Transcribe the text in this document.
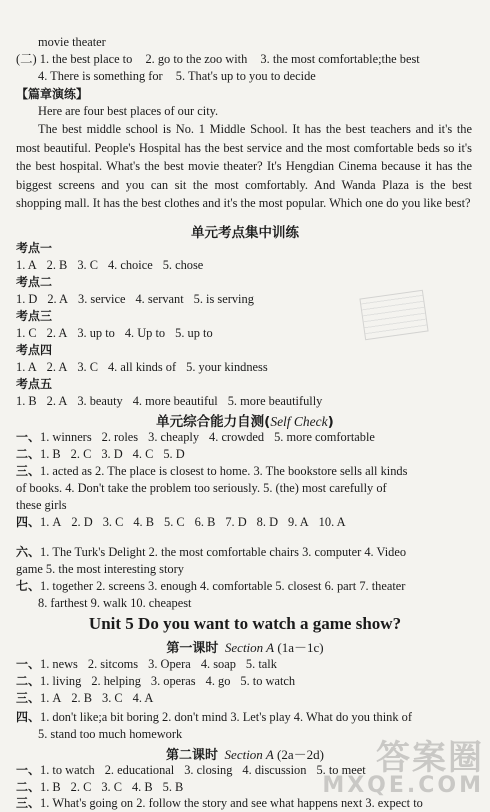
movie theater
(二) 1. the best place to 2. go to the zoo with 3. the most comfortable;the best
4. There is something for 5. That's up to you to decide
【篇章演练】
Here are four best places of our city.
The best middle school is No. 1 Middle School. It has the best teachers and it's the most beautiful. People's Hospital has the best service and the most comfortable beds so it's the best hospital. What's the best movie theater? It's Hengdian Cinema because it has the biggest screens and you can sit the most comfortably. And Wanda Plaza is the best shopping mall. It has the best clothes and it's the most popular. Which one do you like best?
单元考点集中训练
考点一
1. A 2. B 3. C 4. choice 5. chose
考点二
1. D 2. A 3. service 4. servant 5. is serving
考点三
1. C 2. A 3. up to 4. Up to 5. up to
考点四
1. A 2. A 3. C 4. all kinds of 5. your kindness
考点五
1. B 2. A 3. beauty 4. more beautiful 5. more beautifully
单元综合能力自测(Self Check)
一、1. winners 2. roles 3. cheaply 4. crowded 5. more comfortable
二、1. B 2. C 3. D 4. C 5. D
三、1. acted as 2. The place is closest to home. 3. The bookstore sells all kinds
of books. 4. Don't take the problem too seriously. 5. (the) most carefully of
these girls
四、1. A 2. D 3. C 4. B 5. C 6. B 7. D 8. D 9. A 10. A
六、1. The Turk's Delight 2. the most comfortable chairs 3. computer 4. Video
game 5. the most interesting story
七、1. together 2. screens 3. enough 4. comfortable 5. closest 6. part 7. theater
8. farthest 9. walk 10. cheapest
Unit 5 Do you want to watch a game show?
第一课时 Section A (1a－1c)
一、1. news 2. sitcoms 3. Opera 4. soap 5. talk
二、1. living 2. helping 3. operas 4. go 5. to watch
三、1. A 2. B 3. C 4. A
四、1. don't like;a bit boring 2. don't mind 3. Let's play 4. What do you think of
5. stand too much homework
第二课时 Section A (2a－2d)
一、1. to watch 2. educational 3. closing 4. discussion 5. to meet
二、1. B 2. C 3. C 4. B 5. B
三、1. What's going on 2. follow the story and see what happens next 3. expect to
答案圈
MXQE.COM
